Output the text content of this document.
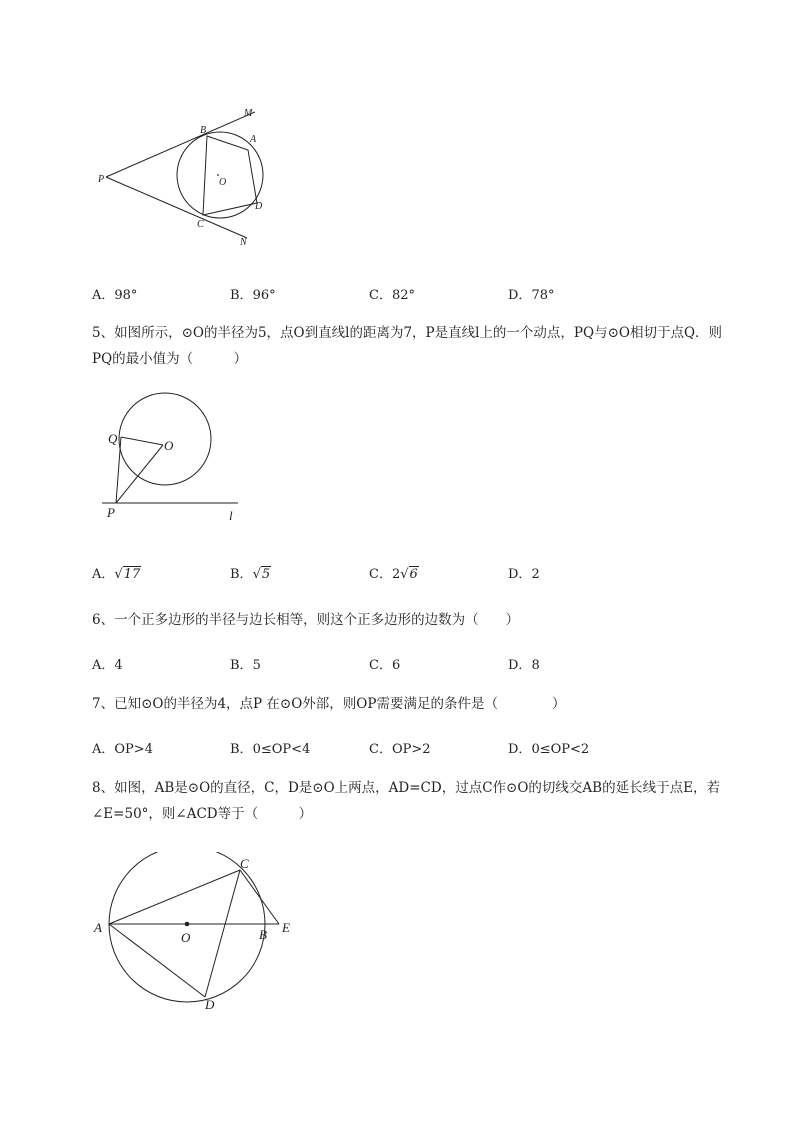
P
B
A
M
O
D
C
N
A．98°	B．96°	C．82°	D．78°
5、如图所示，⊙O的半径为5，点O到直线l的距离为7，P是直线l上的一个动点，PQ与⊙O相切于点Q．则PQ的最小值为（　　　）
Q	O
P	l
A．√17	B．√5	C．2√6	D．2
6、一个正多边形的半径与边长相等，则这个正多边形的边数为（　　）
A．4	B．5	C．6	D．8
7、已知⊙O的半径为4，点P 在⊙O外部，则OP需要满足的条件是（　　　　）
A．OP>4	B．0≤OP<4	C．OP>2	D．0≤OP<2
8、如图，AB是⊙O的直径，C，D是⊙O上两点，AD=CD，过点C作⊙O的切线交AB的延长线于点E，若∠E=50°，则∠ACD等于（　　　）
A
O	B E
C
D
